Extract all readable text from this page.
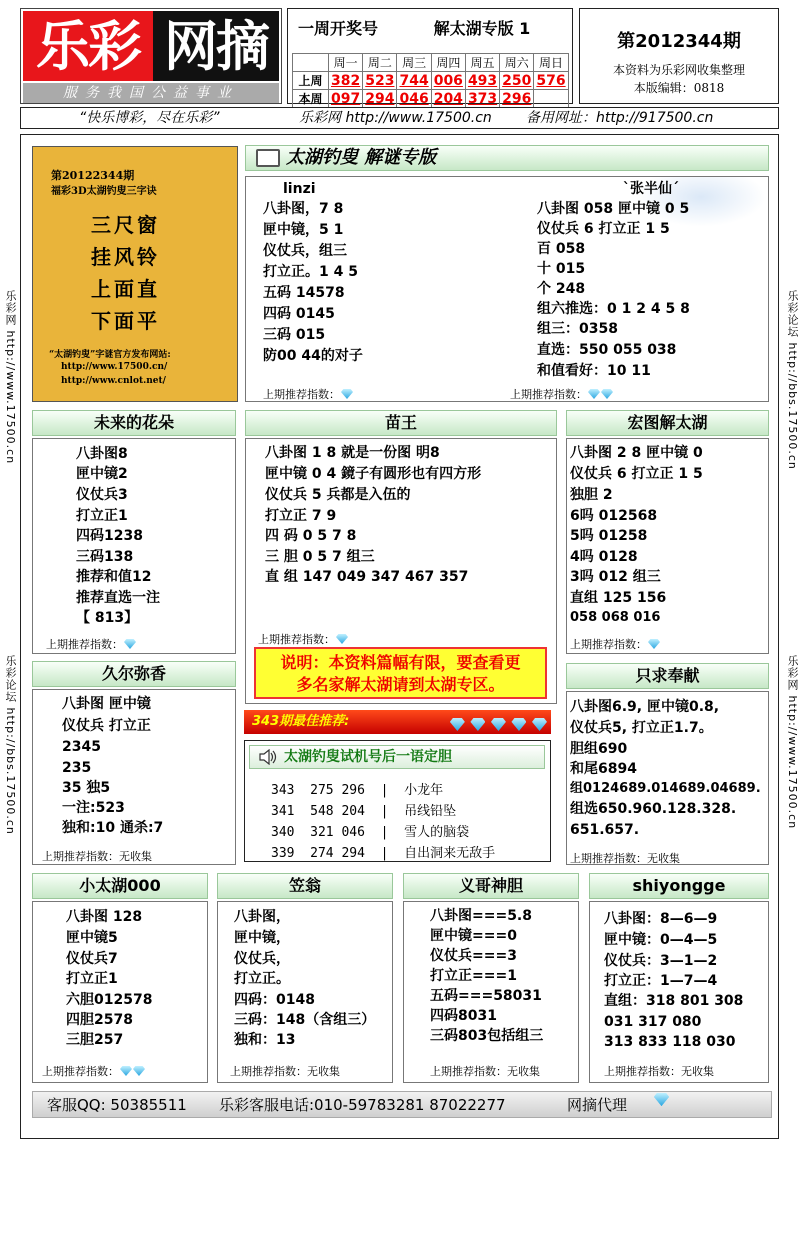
乐彩 网摘
服务我国公益事业
一周开奖号	解太湖专版 1
	周一	周二	周三	周四	周五	周六	周日
上周	382	523	744	006	493	250	576
本周	097	294	046	204	373	296	
第2012344期
本资料为乐彩网收集整理
本版编辑：0818
“快乐博彩，尽在乐彩”	乐彩网 http://www.17500.cn 备用网址：http://917500.cn
乐彩网 http://www.17500.cn
乐彩论坛 http://bbs.17500.cn
乐彩论坛 http://bbs.17500.cn
乐彩网 http://www.17500.cn
第20122344期
福彩3D太湖钓叟三字诀
三尺窗
挂风铃
上面直
下面平
“太湖钓叟”字谜官方发布网站:
http://www.17500.cn/
http://www.cnlot.net/
太湖钓叟 解谜专版
linzi
八卦图，7 8
匣中镜，5 1
仪仗兵，组三
打立正。1 4 5
五码 14578
四码 0145
三码 015
防00 44的对子
`张半仙´
八卦图 058 匣中镜 0 5
仪仗兵 6 打立正 1 5
百 058
十 015
个 248
组六推选：0 1 2 4 5 8
组三：0358
直选：550 055 038
和值看好：10 11
上期推荐指数：	上期推荐指数：
未来的花朵
八卦图8
匣中镜2
仪仗兵3
打立正1
四码1238
三码138
推荐和值12
推荐直选一注
【 813】
上期推荐指数：
苗王
八卦图 1 8 就是一份图 明8
匣中镜 0 4 鏡子有圆形也有四方形
仪仗兵 5 兵都是入伍的
打立正 7 9
四 码 0 5 7 8
三 胆 0 5 7 组三
直 组 147 049 347 467 357
上期推荐指数：
说明：本资料篇幅有限，要查看更
多名家解太湖请到太湖专区。
宏图解太湖
八卦图 2 8 匣中镜 0
仪仗兵 6 打立正 1 5
独胆 2
6吗 012568
5吗 01258
4吗 0128
3吗 012 组三
直组 125 156
058 068 016
上期推荐指数：
久尔弥香
八卦图 匣中镜
仪仗兵 打立正
2345
235
35 独5
一注:523
独和:10 通杀:7
上期推荐指数：无收集
343期最佳推荐:

太湖钓叟试机号后一语定胆
343 275 296  |  小龙年
341 548 204  |  吊线铅坠
340 321 046  |  雪人的脑袋
339 274 294  |  自出洞来无敌手
只求奉献
八卦图6.9, 匣中镜0.8,
仪仗兵5, 打立正1.7。
胆组690
和尾6894
组0124689.014689.04689.
组选650.960.128.328.
651.657.
上期推荐指数：无收集
小太湖000
八卦图 128
匣中镜5
仪仗兵7
打立正1
六胆012578
四胆2578
三胆257
上期推荐指数：
笠翁
八卦图，
匣中镜，
仪仗兵，
打立正。
四码：0148
三码：148（含组三）
独和：13
上期推荐指数：无收集
义哥神胆
八卦图===5.8
匣中镜===0
仪仗兵===3
打立正===1
五码===58031
四码8031
三码803包括组三
上期推荐指数：无收集
shiyongge
八卦图：8—6—9
匣中镜：0—4—5
仪仗兵：3—1—2
打立正：1—7—4
直组：318 801 308
031 317 080
313 833 118 030
上期推荐指数：无收集
客服QQ: 50385511 乐彩客服电话:010-59783281 87022277	网摘代理
